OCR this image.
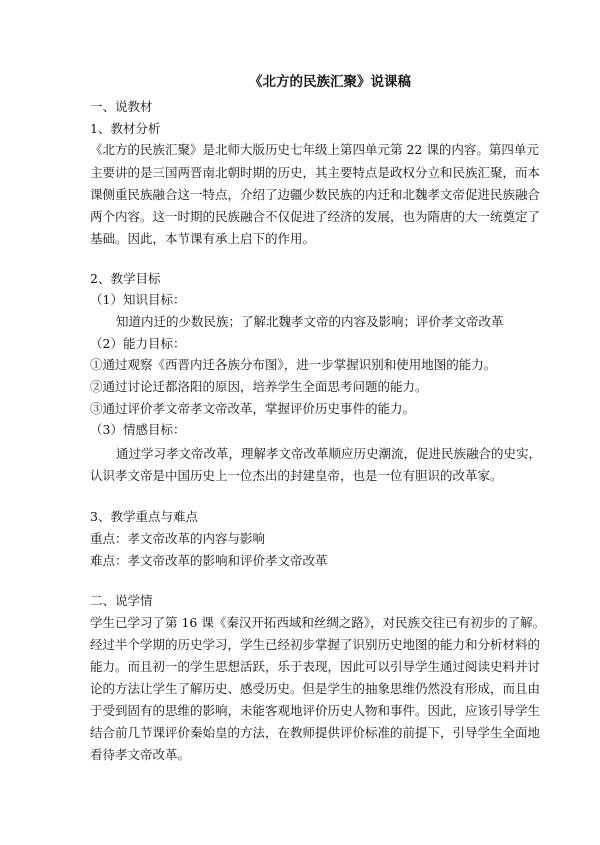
《北方的民族汇聚》说课稿
一、说教材
1、教材分析
《北方的民族汇聚》是北师大版历史七年级上第四单元第 22 课的内容。第四单元
主要讲的是三国两晋南北朝时期的历史，其主要特点是政权分立和民族汇聚，而本
课侧重民族融合这一特点，介绍了边疆少数民族的内迁和北魏孝文帝促进民族融合
两个内容。这一时期的民族融合不仅促进了经济的发展，也为隋唐的大一统奠定了
基础。因此，本节课有承上启下的作用。
2、教学目标
（1）知识目标：
知道内迁的少数民族；了解北魏孝文帝的内容及影响；评价孝文帝改革
（2）能力目标：
①通过观察《西晋内迁各族分布图》，进一步掌握识别和使用地图的能力。
②通过讨论迁都洛阳的原因，培养学生全面思考问题的能力。
③通过评价孝文帝孝文帝改革，掌握评价历史事件的能力。
（3）情感目标：
通过学习孝文帝改革，理解孝文帝改革顺应历史潮流，促进民族融合的史实，
认识孝文帝是中国历史上一位杰出的封建皇帝，也是一位有胆识的改革家。
3、教学重点与难点
重点：孝文帝改革的内容与影响
难点：孝文帝改革的影响和评价孝文帝改革
二、说学情
学生已学习了第 16 课《秦汉开拓西域和丝绸之路》，对民族交往已有初步的了解。
经过半个学期的历史学习，学生已经初步掌握了识别历史地图的能力和分析材料的
能力。而且初一的学生思想活跃，乐于表现，因此可以引导学生通过阅读史料并讨
论的方法让学生了解历史、感受历史。但是学生的抽象思维仍然没有形成，而且由
于受到固有的思维的影响，未能客观地评价历史人物和事件。因此，应该引导学生
结合前几节课评价秦始皇的方法，在教师提供评价标准的前提下，引导学生全面地
看待孝文帝改革。
